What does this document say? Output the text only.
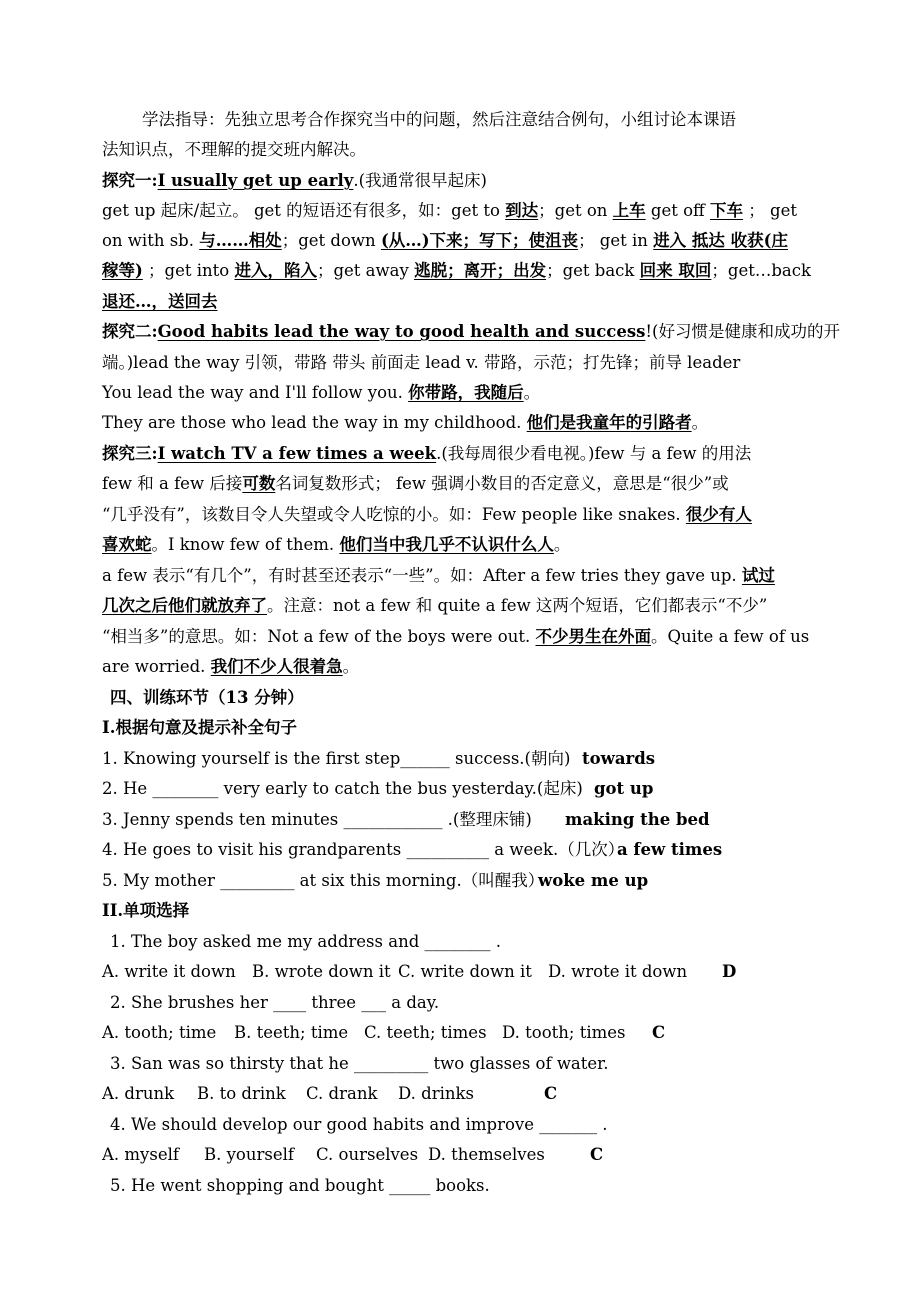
学法指导：先独立思考合作探究当中的问题，然后注意结合例句，小组讨论本课语
法知识点，不理解的提交班内解决。
探究一:I usually get up early.(我通常很早起床)
get up 起床/起立。 get 的短语还有很多，如：get to 到达；get on 上车 get off 下车 ； get
on with sb. 与……相处；get down (从…)下来；写下；使沮丧； get in 进入 抵达 收获(庄
稼等) ；get into 进入，陷入；get away 逃脱；离开；出发；get back 回来 取回；get…back
退还…，送回去
探究二:Good habits lead the way to good health and success!(好习惯是健康和成功的开
端。)lead the way 引领，带路 带头 前面走 lead v. 带路，示范；打先锋；前导 leader
You lead the way and I'll follow you. 你带路，我随后。
They are those who lead the way in my childhood. 他们是我童年的引路者。
探究三:I watch TV a few times a week.(我每周很少看电视。)few 与 a few 的用法
few 和 a few 后接可数名词复数形式； few 强调小数目的否定意义，意思是“很少”或
“几乎没有”，该数目令人失望或令人吃惊的小。如：Few people like snakes. 很少有人
喜欢蛇。I know few of them. 他们当中我几乎不认识什么人。
a few 表示“有几个”，有时甚至还表示“一些”。如：After a few tries they gave up. 试过
几次之后他们就放弃了。注意：not a few 和 quite a few 这两个短语，它们都表示“不少”
“相当多”的意思。如：Not a few of the boys were out. 不少男生在外面。Quite a few of us
are worried. 我们不少人很着急。
四、训练环节（13 分钟）
I.根据句意及提示补全句子
1. Knowing yourself is the first step______ success.(朝向) towards
2. He ________ very early to catch the bus yesterday.(起床) got up
3. Jenny spends ten minutes ____________ .(整理床铺) making the bed
4. He goes to visit his grandparents __________ a week.（几次）
a few times
5. My mother _________ at six this morning.（叫醒我）
woke me up
II.单项选择
1. The boy asked me my address and ________ .
A. write it down B. wrote down it C. write down it D. wrote it down D
2. She brushes her ____ three ___ a day.
A. tooth; time B. teeth; time C. teeth; times D. tooth; times C
3. San was so thirsty that he _________ two glasses of water.
A. drunk B. to drink C. drank D. drinks	C
4. We should develop our good habits and improve _______ .
A. myself B. yourself C. ourselves D. themselves	C
5. He went shopping and bought _____ books.
